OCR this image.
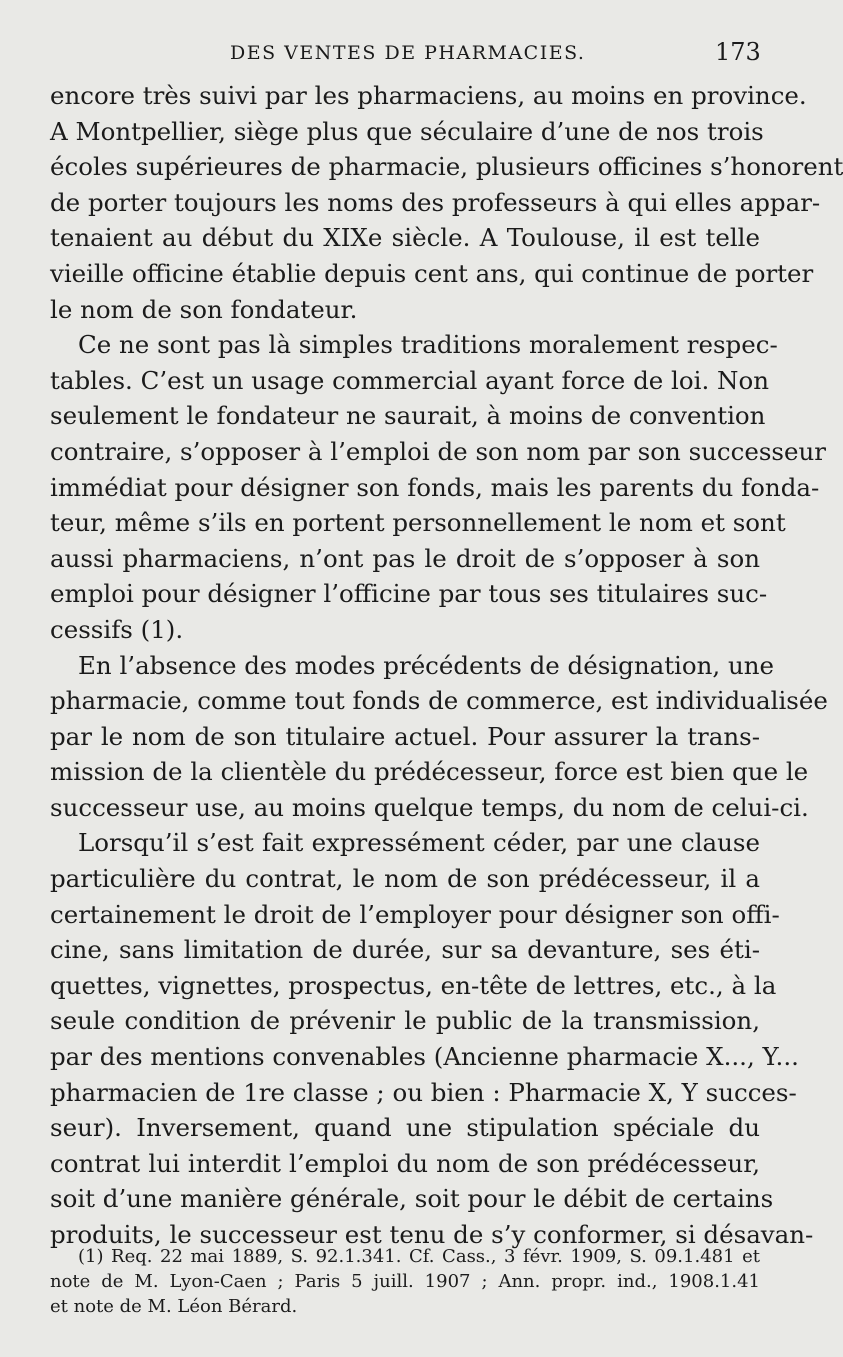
DES VENTES DE PHARMACIES.	173
encore très suivi par les pharmaciens, au moins en province.
A Montpellier, siège plus que séculaire d’une de nos trois
écoles supérieures de pharmacie, plusieurs officines s’honorent
de porter toujours les noms des professeurs à qui elles appar-
tenaient au début du XIXe siècle. A Toulouse, il est telle
vieille officine établie depuis cent ans, qui continue de porter
le nom de son fondateur.
Ce ne sont pas là simples traditions moralement respec-
tables. C’est un usage commercial ayant force de loi. Non
seulement le fondateur ne saurait, à moins de convention
contraire, s’opposer à l’emploi de son nom par son successeur
immédiat pour désigner son fonds, mais les parents du fonda-
teur, même s’ils en portent personnellement le nom et sont
aussi pharmaciens, n’ont pas le droit de s’opposer à son
emploi pour désigner l’officine par tous ses titulaires suc-
cessifs (1).
En l’absence des modes précédents de désignation, une
pharmacie, comme tout fonds de commerce, est individualisée
par le nom de son titulaire actuel. Pour assurer la trans-
mission de la clientèle du prédécesseur, force est bien que le
successeur use, au moins quelque temps, du nom de celui-ci.
Lorsqu’il s’est fait expressément céder, par une clause
particulière du contrat, le nom de son prédécesseur, il a
certainement le droit de l’employer pour désigner son offi-
cine, sans limitation de durée, sur sa devanture, ses éti-
quettes, vignettes, prospectus, en-tête de lettres, etc., à la
seule condition de prévenir le public de la transmission,
par des mentions convenables (Ancienne pharmacie X..., Y...
pharmacien de 1re classe ; ou bien : Pharmacie X, Y succes-
seur). Inversement, quand une stipulation spéciale du
contrat lui interdit l’emploi du nom de son prédécesseur,
soit d’une manière générale, soit pour le débit de certains
produits, le successeur est tenu de s’y conformer, si désavan-
(1) Req. 22 mai 1889, S. 92.1.341. Cf. Cass., 3 févr. 1909, S. 09.1.481 et
note de M. Lyon-Caen ; Paris 5 juill. 1907 ; Ann. propr. ind., 1908.1.41
et note de M. Léon Bérard.
